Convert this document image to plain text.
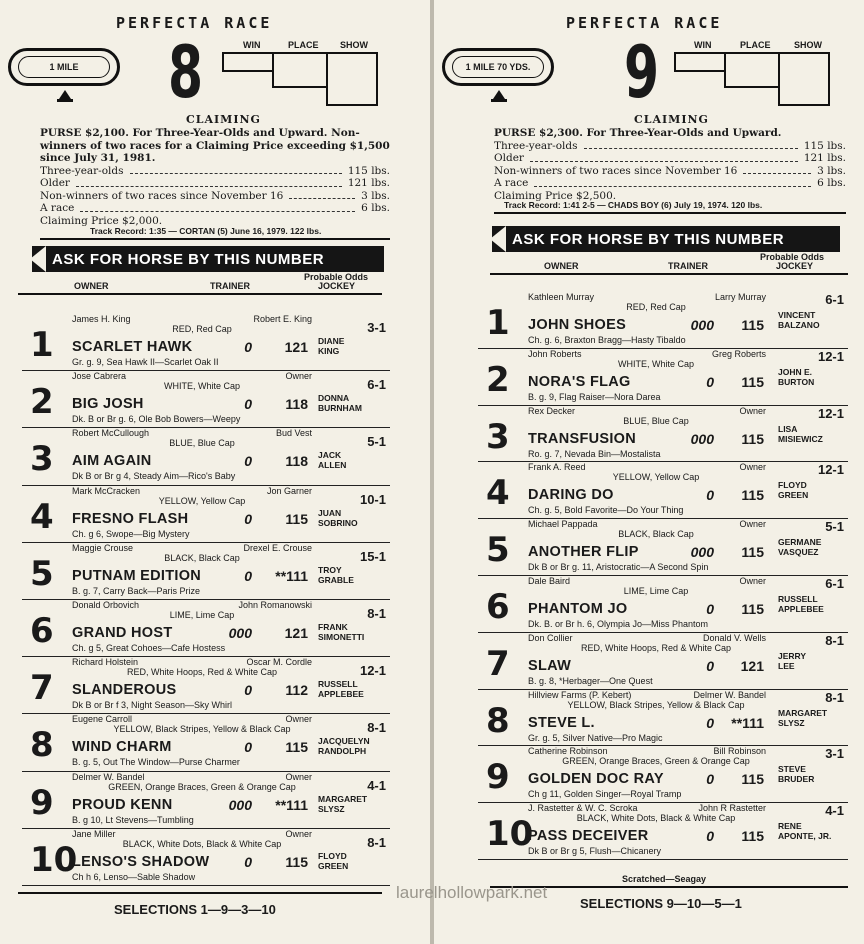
PERFECTA RACE
1 MILE	8	WIN	PLACE SHOW
CLAIMING
PURSE $2,100. For Three-Year-Olds and Upward. Non-winners of two races for a Claiming Price exceeding $1,500 since July 31, 1981.
Three-year-olds	115 lbs.
Older	121 lbs.
Non-winners of two races since November 16	3 lbs.
A race	6 lbs.
Claiming Price $2,000.
Track Record: 1:35 — CORTAN (5) June 16, 1979. 122 lbs.
ASK FOR HORSE BY THIS NUMBER
OWNER	TRAINER
Probable Odds
JOCKEY
James H. King	Robert E. King
RED, Red Cap
1 SCARLET HAWK	0 121
Gr. g. 9, Sea Hawk II—Scarlet Oak II
3-1
DIANE
KING
Jose Cabrera	Owner
WHITE, White Cap
2 BIG JOSH	0 118
Dk. B or Br g. 6, Ole Bob Bowers—Weepy
6-1
DONNA
BURNHAM
Robert McCullough	Bud Vest
BLUE, Blue Cap
3 AIM AGAIN	0 118
Dk B or Br g 4, Steady Aim—Rico's Baby
5-1
JACK
ALLEN
Mark McCracken	Jon Garner
YELLOW, Yellow Cap
4 FRESNO FLASH	0 115
Ch. g 6, Swope—Big Mystery
10-1
JUAN
SOBRINO
Maggie Crouse	Drexel E. Crouse
BLACK, Black Cap
5 PUTNAM EDITION	0 **111
B. g. 7, Carry Back—Paris Prize
15-1
TROY
GRABLE
Donald Orbovich	John Romanowski
LIME, Lime Cap
6 GRAND HOST	000 121
Ch. g 5, Great Cohoes—Cafe Hostess
8-1
FRANK
SIMONETTI
Richard Holstein	Oscar M. Cordle
RED, White Hoops, Red & White Cap
7 SLANDEROUS	0 112
Dk B or Br f 3, Night Season—Sky Whirl
12-1
RUSSELL
APPLEBEE
Eugene Carroll	Owner
YELLOW, Black Stripes, Yellow & Black Cap
8 WIND CHARM	0 115
B. g. 5, Out The Window—Purse Charmer
8-1
JACQUELYN
RANDOLPH
Delmer W. Bandel	Owner
GREEN, Orange Braces, Green & Orange Cap
9 PROUD KENN	000 **111
B. g 10, Lt Stevens—Tumbling
4-1
MARGARET
SLYSZ
Jane Miller	Owner
BLACK, White Dots, Black & White Cap
10
LENSO'S SHADOW 0 115
Ch h 6, Lenso—Sable Shadow
8-1
FLOYD
GREEN
SELECTIONS 1—9—3—10
PERFECTA RACE
1 MILE 70 YDS. 9	WIN	PLACE	SHOW
CLAIMING
PURSE $2,300. For Three-Year-Olds and Upward.
Three-year-olds	115 lbs.
Older	121 lbs.
Non-winners of two races since November 16	3 lbs.
A race	6 lbs.
Claiming Price $2,500.
Track Record: 1:41 2-5 — CHADS BOY (6) July 19, 1974. 120 lbs.
ASK FOR HORSE BY THIS NUMBER
OWNER	TRAINER
Probable Odds
JOCKEY
Kathleen Murray	Larry Murray
RED, Red Cap
1 JOHN SHOES	000 115
Ch. g. 6, Braxton Bragg—Hasty Tibaldo
6-1
VINCENT
BALZANO
John Roberts	Greg Roberts
WHITE, White Cap
2 NORA'S FLAG	0 115
B. g. 9, Flag Raiser—Nora Darea
12-1
JOHN E.
BURTON
Rex Decker	Owner
BLUE, Blue Cap
3 TRANSFUSION	000 115
Ro. g. 7, Nevada Bin—Mostalista
12-1
LISA
MISIEWICZ
Frank A. Reed	Owner
YELLOW, Yellow Cap
4 DARING DO	0 115
Ch. g. 5, Bold Favorite—Do Your Thing
12-1
FLOYD
GREEN
Michael Pappada	Owner
BLACK, Black Cap
5 ANOTHER FLIP	000 115
Dk B or Br g. 11, Aristocratic—A Second Spin
5-1
GERMANE
VASQUEZ
Dale Baird	Owner
LIME, Lime Cap
6 PHANTOM JO	0 115
Dk. B. or Br h. 6, Olympia Jo—Miss Phantom
6-1
RUSSELL
APPLEBEE
Don Collier	Donald V. Wells
RED, White Hoops, Red & White Cap
7 SLAW	0 121
B. g. 8, *Herbager—One Quest
8-1
JERRY
LEE
Hillview Farms (P. Kebert)	Delmer W. Bandel
YELLOW, Black Stripes, Yellow & Black Cap
8 STEVE L.	0 **111
Gr. g. 5, Silver Native—Pro Magic
8-1
MARGARET
SLYSZ
Catherine Robinson	Bill Robinson
GREEN, Orange Braces, Green & Orange Cap
9 GOLDEN DOC RAY	0 115
Ch g 11, Golden Singer—Royal Tramp
3-1
STEVE
BRUDER
J. Rastetter & W. C. Scroka	John R Rastetter
BLACK, White Dots, Black & White Cap
10
PASS DECEIVER	0 115
Dk B or Br g 5, Flush—Chicanery
4-1
RENE
APONTE, JR.
Scratched—Seagay
SELECTIONS 9—10—5—1
laurelhollowpark.net
